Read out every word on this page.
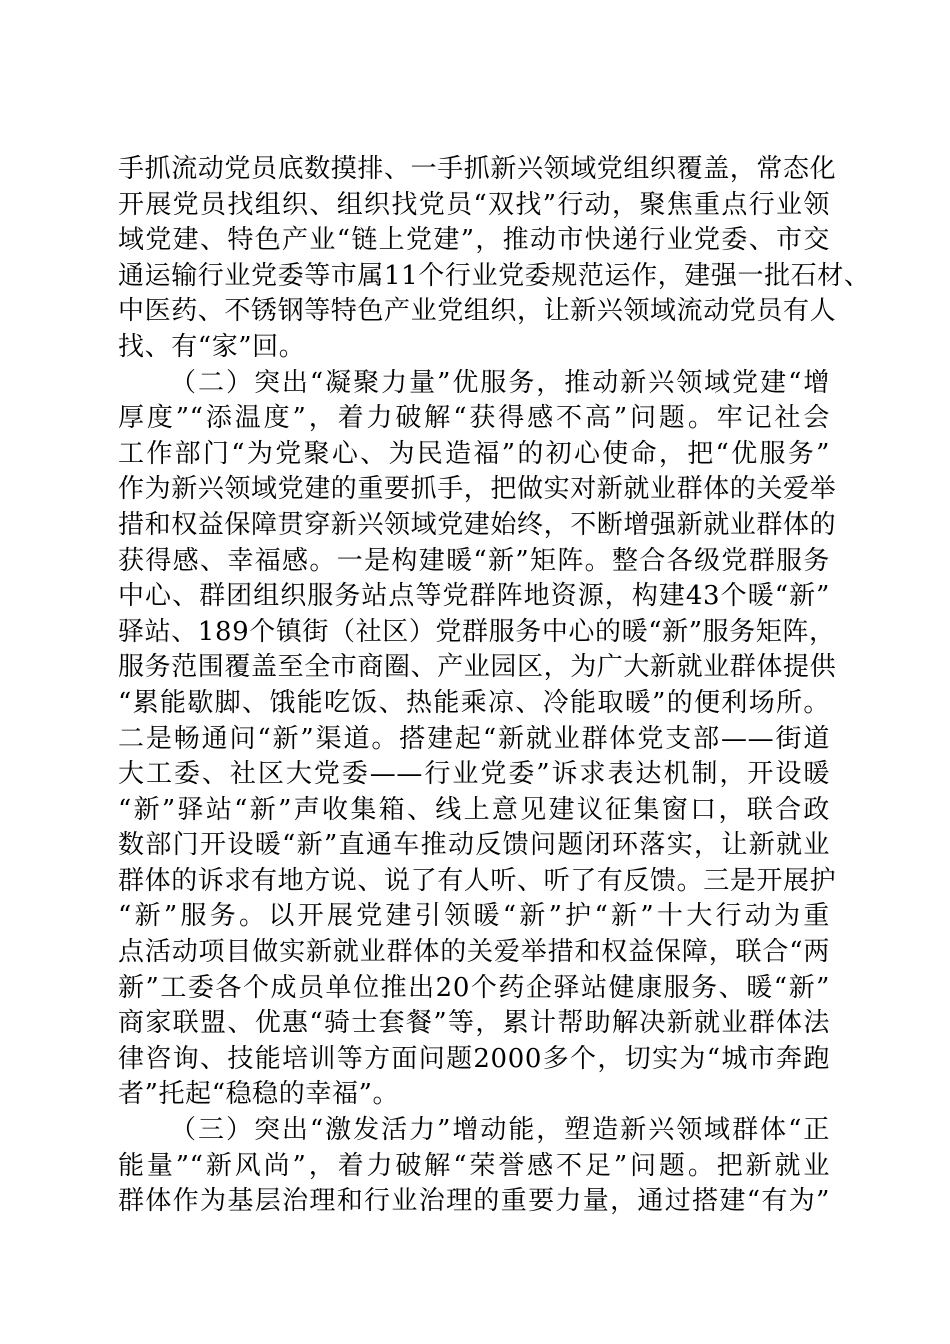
手抓流动党员底数摸排、一手抓新兴领域党组织覆盖，常态化
开展党员找组织、组织找党员“双找”行动，聚焦重点行业领
域党建、特色产业“链上党建”，推动市快递行业党委、市交
通运输行业党委等市属11个行业党委规范运作，建强一批石材、
中医药、不锈钢等特色产业党组织，让新兴领域流动党员有人
找、有“家”回。
（二）突出“凝聚力量”优服务，推动新兴领域党建“增
厚度”“添温度”，着力破解“获得感不高”问题。牢记社会
工作部门“为党聚心、为民造福”的初心使命，把“优服务”
作为新兴领域党建的重要抓手，把做实对新就业群体的关爱举
措和权益保障贯穿新兴领域党建始终，不断增强新就业群体的
获得感、幸福感。一是构建暖“新”矩阵。整合各级党群服务
中心、群团组织服务站点等党群阵地资源，构建43个暖“新”
驿站、189个镇街（社区）党群服务中心的暖“新”服务矩阵，
服务范围覆盖至全市商圈、产业园区，为广大新就业群体提供
“累能歇脚、饿能吃饭、热能乘凉、冷能取暖”的便利场所。
二是畅通问“新”渠道。搭建起“新就业群体党支部——街道
大工委、社区大党委——行业党委”诉求表达机制，开设暖
“新”驿站“新”声收集箱、线上意见建议征集窗口，联合政
数部门开设暖“新”直通车推动反馈问题闭环落实，让新就业
群体的诉求有地方说、说了有人听、听了有反馈。三是开展护
“新”服务。以开展党建引领暖“新”护“新”十大行动为重
点活动项目做实新就业群体的关爱举措和权益保障，联合“两
新”工委各个成员单位推出20个药企驿站健康服务、暖“新”
商家联盟、优惠“骑士套餐”等，累计帮助解决新就业群体法
律咨询、技能培训等方面问题2000多个，切实为“城市奔跑
者”托起“稳稳的幸福”。
（三）突出“激发活力”增动能，塑造新兴领域群体“正
能量”“新风尚”，着力破解“荣誉感不足”问题。把新就业
群体作为基层治理和行业治理的重要力量，通过搭建“有为”
